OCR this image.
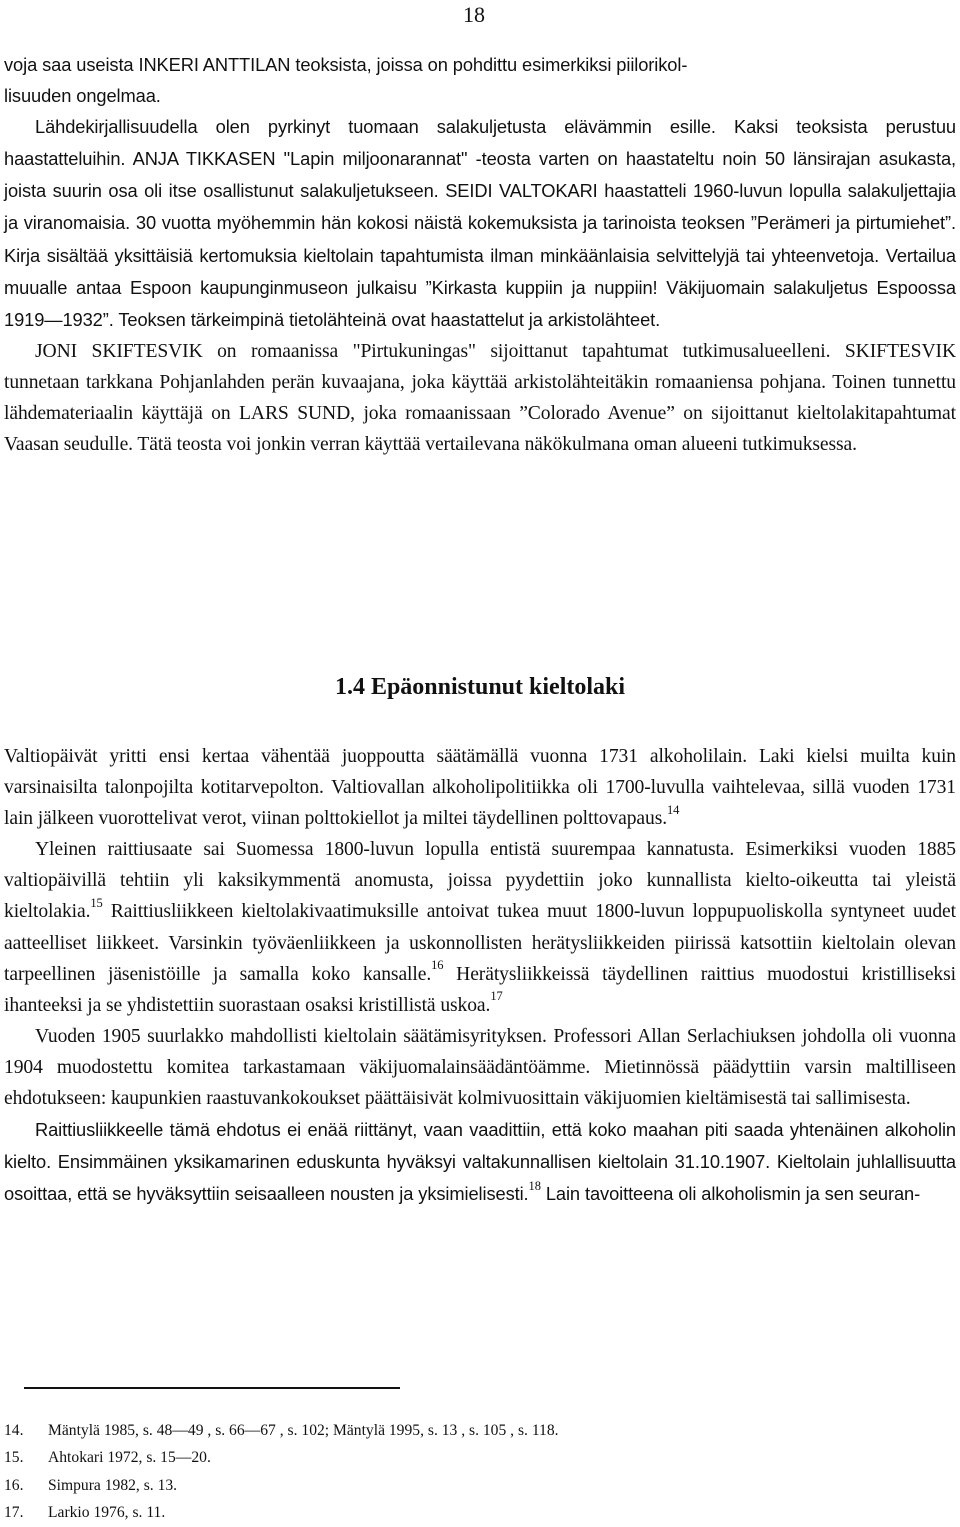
18

voja saa useista INKERI ANTTILAN teoksista, joissa on pohdittu esimerkiksi piilorikol-

lisuuden ongelmaa.

Lähdekirjallisuudella olen pyrkinyt tuomaan salakuljetusta elävämmin esille. Kaksi teoksista perustuu haastatteluihin. ANJA TIKKASEN "Lapin miljoonarannat" -teosta varten on haastateltu noin 50 länsirajan asukasta, joista suurin osa oli itse osallistunut salakuljetukseen. SEIDI VALTOKARI haastatteli 1960-luvun lopulla salakuljettajia ja viranomaisia. 30 vuotta myöhemmin hän kokosi näistä kokemuksista ja tarinoista teoksen ”Perämeri ja pirtumiehet”. Kirja sisältää yksittäisiä kertomuksia kieltolain tapahtumista ilman minkäänlaisia selvittelyjä tai yhteenvetoja. Vertailua muualle antaa Espoon kaupunginmuseon julkaisu ”Kirkasta kuppiin ja nuppiin! Väkijuomain salakuljetus Espoossa 1919—1932”. Teoksen tärkeimpinä tietolähteinä ovat haastattelut ja arkistolähteet.

JONI SKIFTESVIK on romaanissa "Pirtukuningas" sijoittanut tapahtumat tutkimusalueelleni. SKIFTESVIK tunnetaan tarkkana Pohjanlahden perän kuvaajana, joka käyttää arkistolähteitäkin romaaniensa pohjana. Toinen tunnettu lähdemateriaalin käyttäjä on LARS SUND, joka romaanissaan ”Colorado Avenue” on sijoittanut kieltolakitapahtumat Vaasan seudulle. Tätä teosta voi jonkin verran käyttää vertailevana näkökulmana oman alueeni tutkimuksessa.

1.4 Epäonnistunut kieltolaki

Valtiopäivät yritti ensi kertaa vähentää juoppoutta säätämällä vuonna 1731 alkoholilain. Laki kielsi muilta kuin varsinaisilta talonpojilta kotitarvepolton. Valtiovallan alkoholipolitiikka oli 1700-luvulla vaihtelevaa, sillä vuoden 1731 lain jälkeen vuorottelivat verot, viinan polttokiellot ja miltei täydellinen polttovapaus.$^{14}$

Yleinen raittiusaate sai Suomessa 1800-luvun lopulla entistä suurempaa kannatusta. Esimerkiksi vuoden 1885 valtiopäivillä tehtiin yli kaksikymmentä anomusta, joissa pyydettiin joko kunnallista kielto-oikeutta tai yleistä kieltolakia.$^{15}$ Raittiusliikkeen kieltolakivaatimuksille antoivat tukea muut 1800-luvun loppupuoliskolla syntyneet uudet aatteelliset liikkeet. Varsinkin työväenliikkeen ja uskonnollisten herätysliikkeiden piirissä katsottiin kieltolain olevan tarpeellinen jäsenistöille ja samalla koko kansalle.$^{16}$ Herätysliikkeissä täydellinen raittius muodostui kristilliseksi ihanteeksi ja se yhdistettiin suorastaan osaksi kristillistä uskoa.$^{17}$

Vuoden 1905 suurlakko mahdollisti kieltolain säätämisyrityksen. Professori Allan Serlachiuksen johdolla oli vuonna 1904 muodostettu komitea tarkastamaan väkijuomalainsäädäntöämme. Mietinnössä päädyttiin varsin maltilliseen ehdotukseen: kaupunkien raastuvankokoukset päättäisivät kolmivuosittain väkijuomien kieltämisestä tai sallimisesta.

Raittiusliikkeelle tämä ehdotus ei enää riittänyt, vaan vaadittiin, että koko maahan piti saada yhtenäinen alkoholin kielto. Ensimmäinen yksikamarinen eduskunta hyväksyi valtakunnallisen kieltolain 31.10.1907. Kieltolain juhlallisuutta osoittaa, että se hyväksyttiin seisaalleen nousten ja yksimielisesti.$^{18}$ Lain tavoitteena oli alkoholismin ja sen seuran-

14. Mäntylä 1985, s. 48—49 , s. 66—67 , s. 102; Mäntylä 1995, s. 13 , s. 105 , s. 118.
15. Ahtokari 1972, s. 15—20.
16. Simpura 1982, s. 13.
17. Larkio 1976, s. 11.
